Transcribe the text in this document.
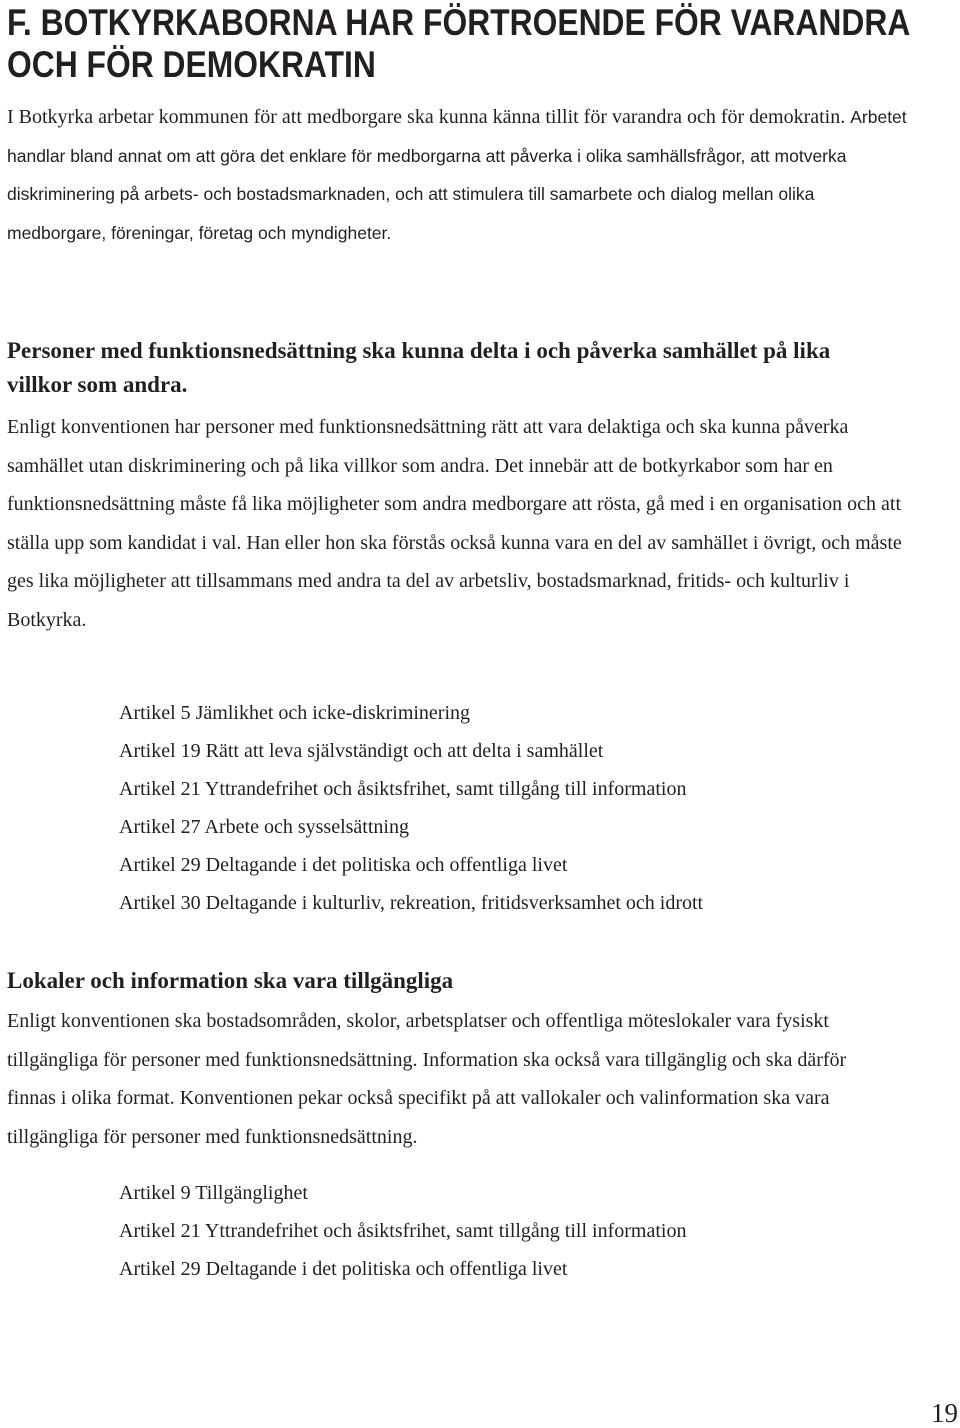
F. BOTKYRKABORNA HAR FÖRTROENDE FÖR VARANDRA OCH FÖR DEMOKRATIN

I Botkyrka arbetar kommunen för att medborgare ska kunna känna tillit för varandra och för demokratin. Arbetet handlar bland annat om att göra det enklare för medborgarna att påverka i olika samhällsfrågor, att motverka diskriminering på arbets- och bostadsmarknaden, och att stimulera till samarbete och dialog mellan olika medborgare, föreningar, företag och myndigheter.

Personer med funktionsnedsättning ska kunna delta i och påverka samhället på lika villkor som andra.

Enligt konventionen har personer med funktionsnedsättning rätt att vara delaktiga och ska kunna påverka samhället utan diskriminering och på lika villkor som andra. Det innebär att de botkyrkabor som har en funktionsnedsättning måste få lika möjligheter som andra medborgare att rösta, gå med i en organisation och att ställa upp som kandidat i val. Han eller hon ska förstås också kunna vara en del av samhället i övrigt, och måste ges lika möjligheter att tillsammans med andra ta del av arbetsliv, bostadsmarknad, fritids- och kulturliv i Botkyrka.

Artikel 5 Jämlikhet och icke-diskriminering
Artikel 19 Rätt att leva självständigt och att delta i samhället
Artikel 21 Yttrandefrihet och åsiktsfrihet, samt tillgång till information
Artikel 27 Arbete och sysselsättning
Artikel 29 Deltagande i det politiska och offentliga livet
Artikel 30 Deltagande i kulturliv, rekreation, fritidsverksamhet och idrott
Lokaler och information ska vara tillgängliga

Enligt konventionen ska bostadsområden, skolor, arbetsplatser och offentliga möteslokaler vara fysiskt tillgängliga för personer med funktionsnedsättning. Information ska också vara tillgänglig och ska därför finnas i olika format. Konventionen pekar också specifikt på att vallokaler och valinformation ska vara tillgängliga för personer med funktionsnedsättning.

Artikel 9 Tillgänglighet
Artikel 21 Yttrandefrihet och åsiktsfrihet, samt tillgång till information
Artikel 29 Deltagande i det politiska och offentliga livet
19
